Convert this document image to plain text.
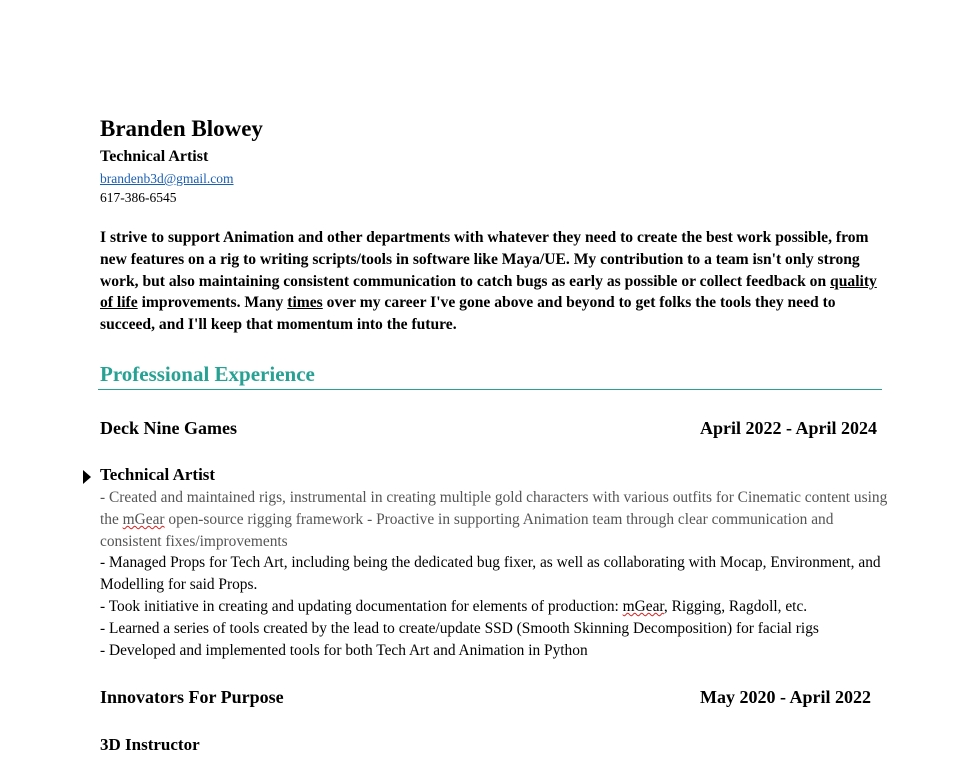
Branden Blowey
Technical Artist
brandenb3d@gmail.com
617-386-6545
I strive to support Animation and other departments with whatever they need to create the best work possible, from new features on a rig to writing scripts/tools in software like Maya/UE. My contribution to a team isn't only strong work, but also maintaining consistent communication to catch bugs as early as possible or collect feedback on quality of life improvements. Many times over my career I've gone above and beyond to get folks the tools they need to succeed, and I'll keep that momentum into the future.
Professional Experience
Deck Nine Games	April 2022 - April 2024
Technical Artist
- Created and maintained rigs, instrumental in creating multiple gold characters with various outfits for Cinematic content using the mGear open-source rigging framework - Proactive in supporting Animation team through clear communication and consistent fixes/improvements
- Managed Props for Tech Art, including being the dedicated bug fixer, as well as collaborating with Mocap, Environment, and Modelling for said Props.
- Took initiative in creating and updating documentation for elements of production: mGear, Rigging, Ragdoll, etc.
- Learned a series of tools created by the lead to create/update SSD (Smooth Skinning Decomposition) for facial rigs
- Developed and implemented tools for both Tech Art and Animation in Python
Innovators For Purpose	May 2020 - April 2022
3D Instructor
